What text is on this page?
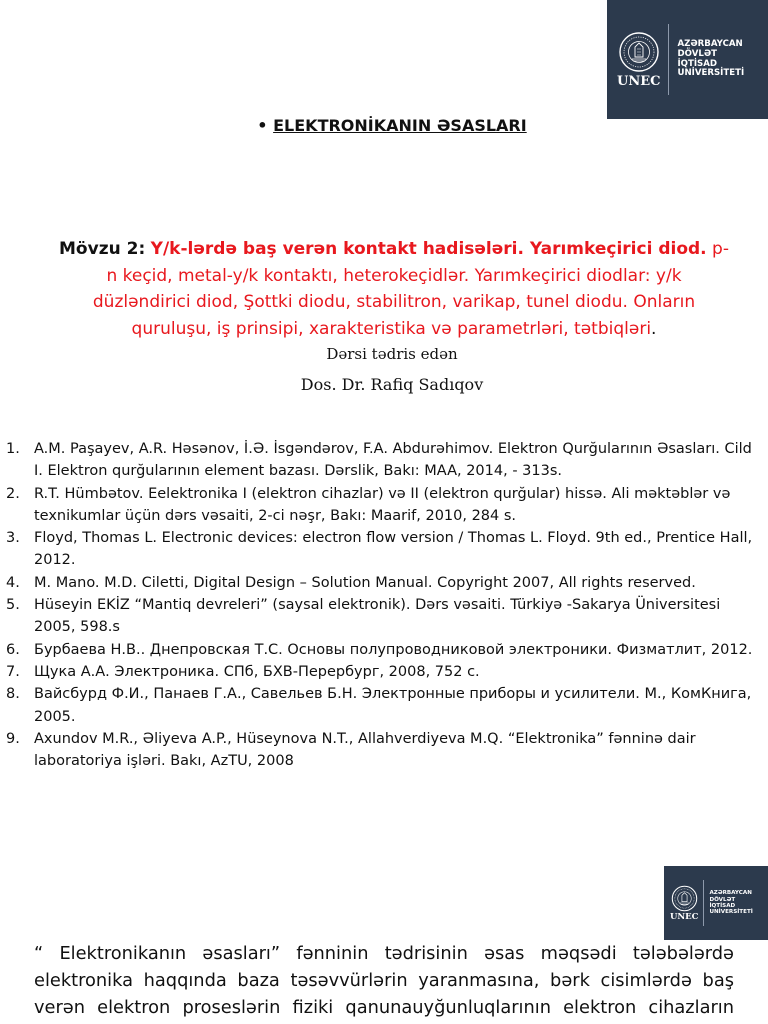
UNEC
AZƏRBAYCAN
DÖVLƏT
İQTİSAD
UNİVERSİTETİ
• ELEKTRONİKANIN ƏSASLARI
Mövzu 2: Y/k-lərdə baş verən kontakt hadisələri. Yarımkeçirici diod. p-n keçid, metal-y/k kontaktı, heterokeçidlər. Yarımkeçirici diodlar: y/k düzləndirici diod, Şottki diodu, stabilitron, varikap, tunel diodu. Onların quruluşu, iş prinsipi, xarakteristika və parametrləri, tətbiqləri.
Dərsi tədris edən
Dos. Dr. Rafiq Sadıqov
1. A.M. Paşayev, A.R. Həsənov, İ.Ə. İsgəndərov, F.A. Abdurəhimov. Elektron Qurğularının Əsasları. Cild I. Elektron qurğularının element bazası. Dərslik, Bakı: MAA, 2014, - 313s.
2. R.T. Hümbətov. Eelektronika I (elektron cihazlar) və II (elektron qurğular) hissə. Ali məktəblər və texnikumlar üçün dərs vəsaiti, 2-ci nəşr, Bakı: Maarif, 2010, 284 s.
3. Floyd, Thomas L. Electronic devices: electron flow version / Thomas L. Floyd. 9th ed., Prentice Hall, 2012.
4. M. Mano. M.D. Ciletti, Digital Design – Solution Manual. Copyright 2007, All rights reserved.
5. Hüseyin EKİZ “Mantiq devreleri” (saysal elektronik). Dərs vəsaiti. Türkiyə -Sakarya Üniversitesi 2005, 598.s
6. Бурбаева Н.В.. Днепровская Т.С. Основы полупроводниковой электроники. Физматлит, 2012.
7. Щука А.А. Электроника. СПб, БХВ-Перербург, 2008, 752 с.
8. Вайсбурд Ф.И., Панаев Г.А., Савельев Б.Н. Электронные приборы и усилители. М., КомКнига, 2005.
9. Axundov M.R., Əliyeva A.P., Hüseynova N.T., Allahverdiyeva M.Q. “Elektronika” fənninə dair laboratoriya işləri. Bakı, AzTU, 2008
UNEC
AZƏRBAYCAN
DÖVLƏT
İQTİSAD
UNİVERSİTETİ
“ Elektronikanın əsasları” fənninin tədrisinin əsas məqsədi tələbələrdə elektronika haqqında baza təsəvvürlərin yaranmasına, bərk cisimlərdə baş verən elektron proseslərin fiziki qanunauyğunluqlarının elektron cihazların
